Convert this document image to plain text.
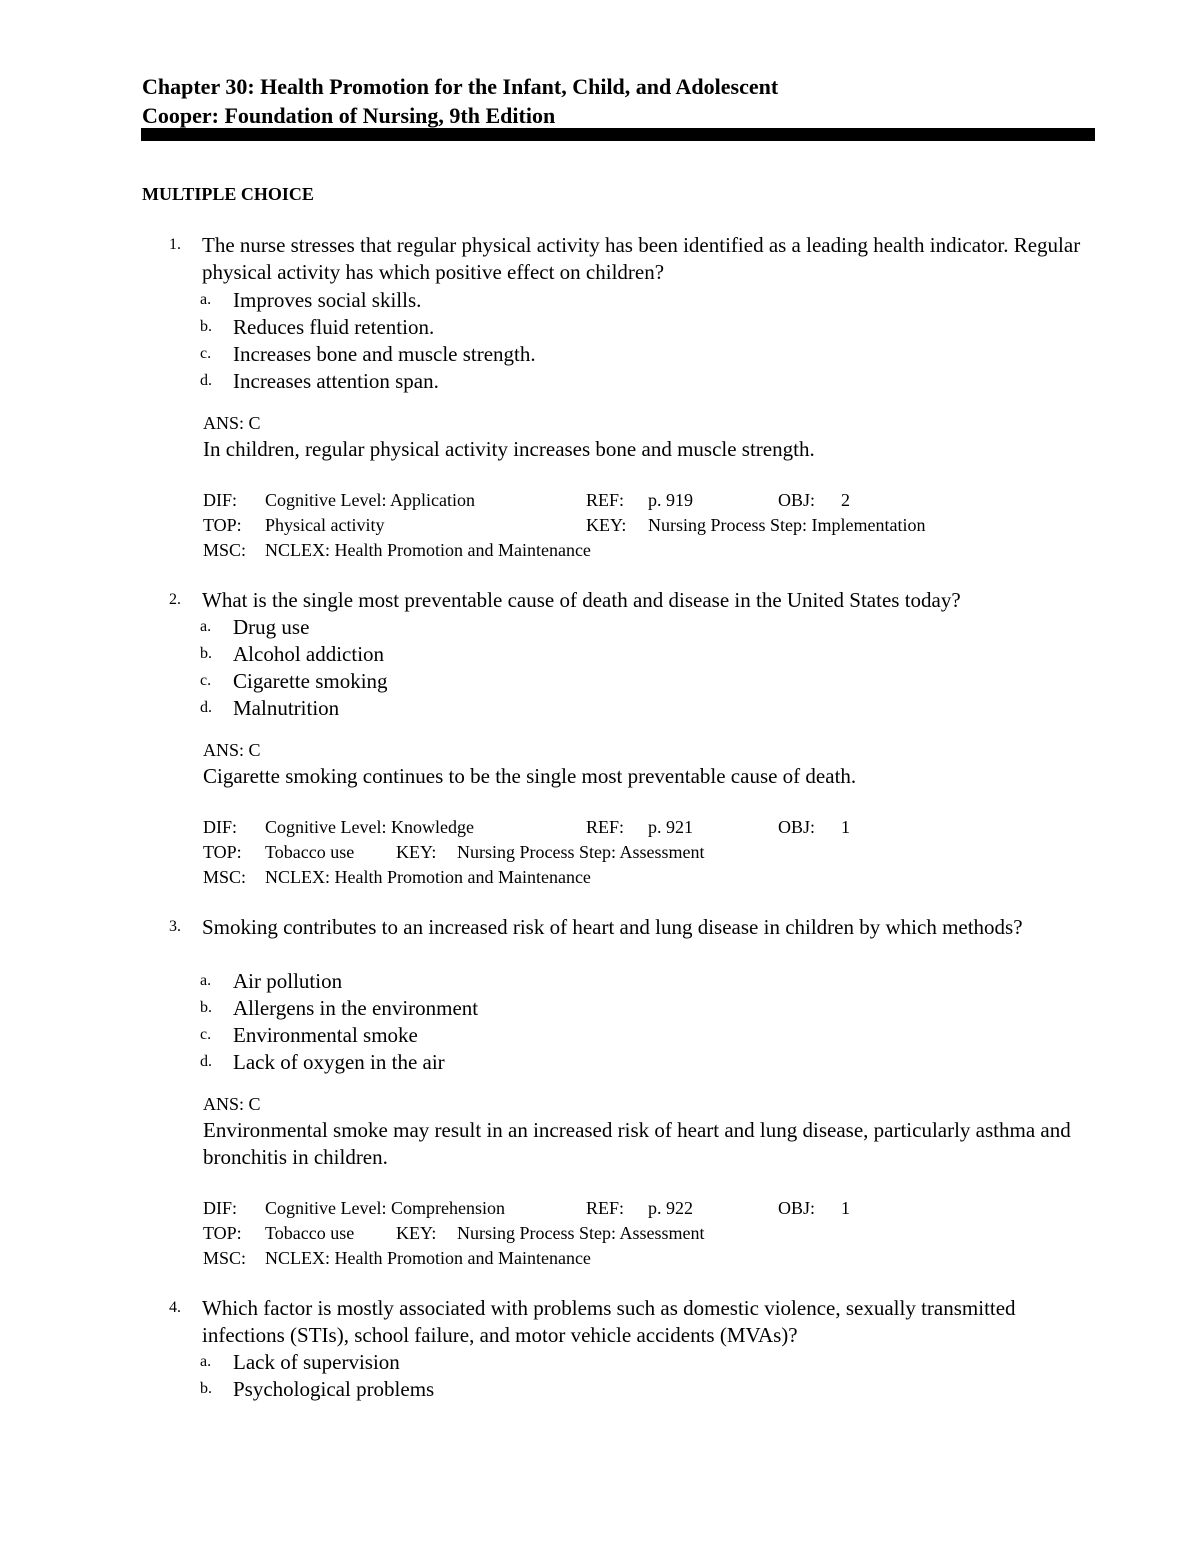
Chapter 30: Health Promotion for the Infant, Child, and Adolescent
Cooper: Foundation of Nursing, 9th Edition
MULTIPLE CHOICE
1. The nurse stresses that regular physical activity has been identified as a leading health indicator. Regular physical activity has which positive effect on children?
a. Improves social skills.
b. Reduces fluid retention.
c. Increases bone and muscle strength.
d. Increases attention span.
ANS: C
In children, regular physical activity increases bone and muscle strength.
DIF: Cognitive Level: Application	REF: p. 919	OBJ: 2
TOP: Physical activity	KEY: Nursing Process Step: Implementation
MSC: NCLEX: Health Promotion and Maintenance
2. What is the single most preventable cause of death and disease in the United States today?
a. Drug use
b. Alcohol addiction
c. Cigarette smoking
d. Malnutrition
ANS: C
Cigarette smoking continues to be the single most preventable cause of death.
DIF: Cognitive Level: Knowledge	REF: p. 921	OBJ: 1
TOP: Tobacco use KEY: Nursing Process Step: Assessment
MSC: NCLEX: Health Promotion and Maintenance
3. Smoking contributes to an increased risk of heart and lung disease in children by which methods?
a. Air pollution
b. Allergens in the environment
c. Environmental smoke
d. Lack of oxygen in the air
ANS: C
Environmental smoke may result in an increased risk of heart and lung disease, particularly asthma and bronchitis in children.
DIF: Cognitive Level: Comprehension	REF: p. 922	OBJ: 1
TOP: Tobacco use KEY: Nursing Process Step: Assessment
MSC: NCLEX: Health Promotion and Maintenance
4. Which factor is mostly associated with problems such as domestic violence, sexually transmitted infections (STIs), school failure, and motor vehicle accidents (MVAs)?
a. Lack of supervision
b. Psychological problems
